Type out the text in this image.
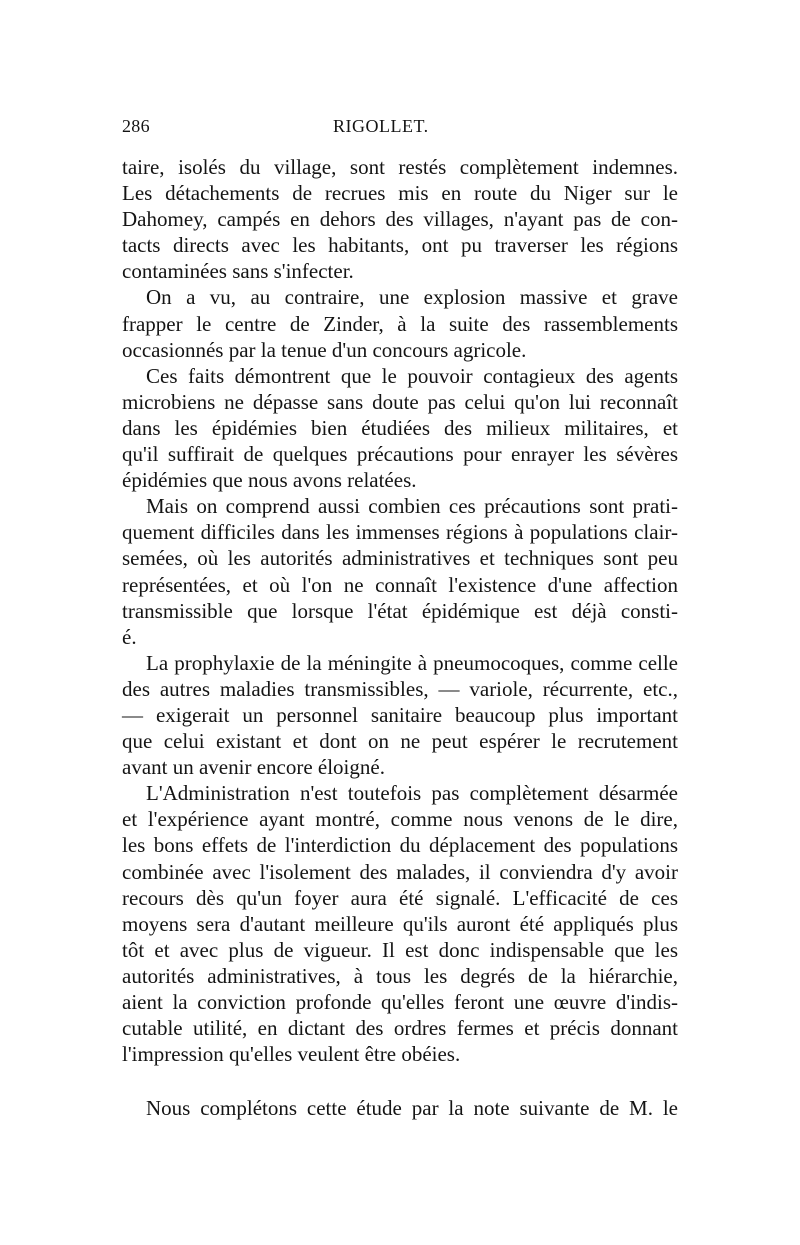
286	RIGOLLET.
taire, isolés du village, sont restés complètement indemnes.
Les détachements de recrues mis en route du Niger sur le
Dahomey, campés en dehors des villages, n'ayant pas de con-
tacts directs avec les habitants, ont pu traverser les régions
contaminées sans s'infecter.
On a vu, au contraire, une explosion massive et grave
frapper le centre de Zinder, à la suite des rassemblements
occasionnés par la tenue d'un concours agricole.
Ces faits démontrent que le pouvoir contagieux des agents
microbiens ne dépasse sans doute pas celui qu'on lui reconnaît
dans les épidémies bien étudiées des milieux militaires, et
qu'il suffirait de quelques précautions pour enrayer les sévères
épidémies que nous avons relatées.
Mais on comprend aussi combien ces précautions sont prati-
quement difficiles dans les immenses régions à populations clair-
semées, où les autorités administratives et techniques sont peu
représentées, et où l'on ne connaît l'existence d'une affection
transmissible que lorsque l'état épidémique est déjà consti-
é.
La prophylaxie de la méningite à pneumocoques, comme celle
des autres maladies transmissibles, — variole, récurrente, etc.,
— exigerait un personnel sanitaire beaucoup plus important
que celui existant et dont on ne peut espérer le recrutement
avant un avenir encore éloigné.
L'Administration n'est toutefois pas complètement désarmée
et l'expérience ayant montré, comme nous venons de le dire,
les bons effets de l'interdiction du déplacement des populations
combinée avec l'isolement des malades, il conviendra d'y avoir
recours dès qu'un foyer aura été signalé. L'efficacité de ces
moyens sera d'autant meilleure qu'ils auront été appliqués plus
tôt et avec plus de vigueur. Il est donc indispensable que les
autorités administratives, à tous les degrés de la hiérarchie,
aient la conviction profonde qu'elles feront une œuvre d'indis-
cutable utilité, en dictant des ordres fermes et précis donnant
l'impression qu'elles veulent être obéies.
Nous complétons cette étude par la note suivante de M. le
